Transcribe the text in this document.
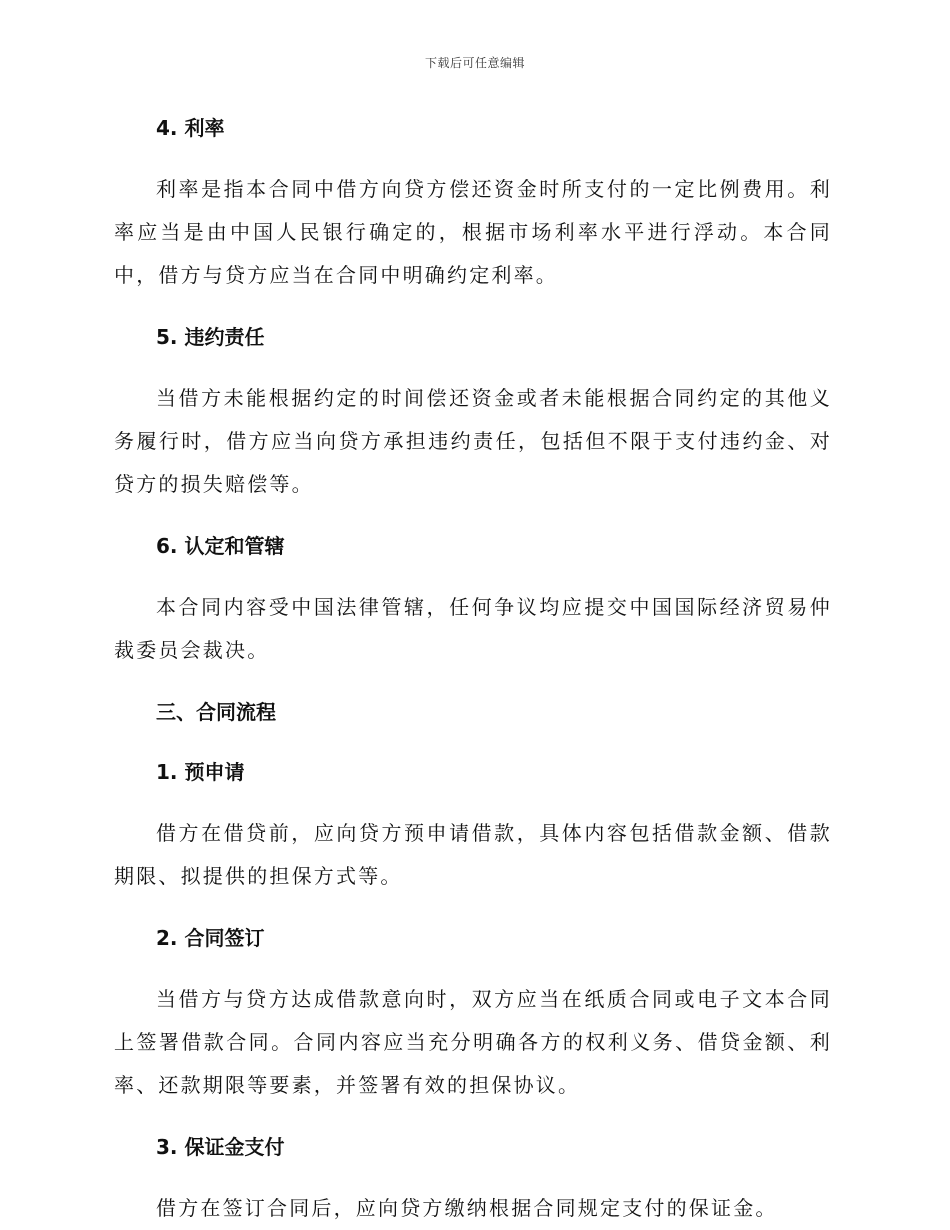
下载后可任意编辑
4. 利率

利率是指本合同中借方向贷方偿还资金时所支付的一定比例费用。利率应当是由中国人民银行确定的，根据市场利率水平进行浮动。本合同中，借方与贷方应当在合同中明确约定利率。

5. 违约责任

当借方未能根据约定的时间偿还资金或者未能根据合同约定的其他义务履行时，借方应当向贷方承担违约责任，包括但不限于支付违约金、对贷方的损失赔偿等。

6. 认定和管辖

本合同内容受中国法律管辖，任何争议均应提交中国国际经济贸易仲裁委员会裁决。

三、合同流程
1. 预申请

借方在借贷前，应向贷方预申请借款，具体内容包括借款金额、借款期限、拟提供的担保方式等。

2. 合同签订

当借方与贷方达成借款意向时，双方应当在纸质合同或电子文本合同上签署借款合同。合同内容应当充分明确各方的权利义务、借贷金额、利率、还款期限等要素，并签署有效的担保协议。

3. 保证金支付

借方在签订合同后，应向贷方缴纳根据合同规定支付的保证金。
